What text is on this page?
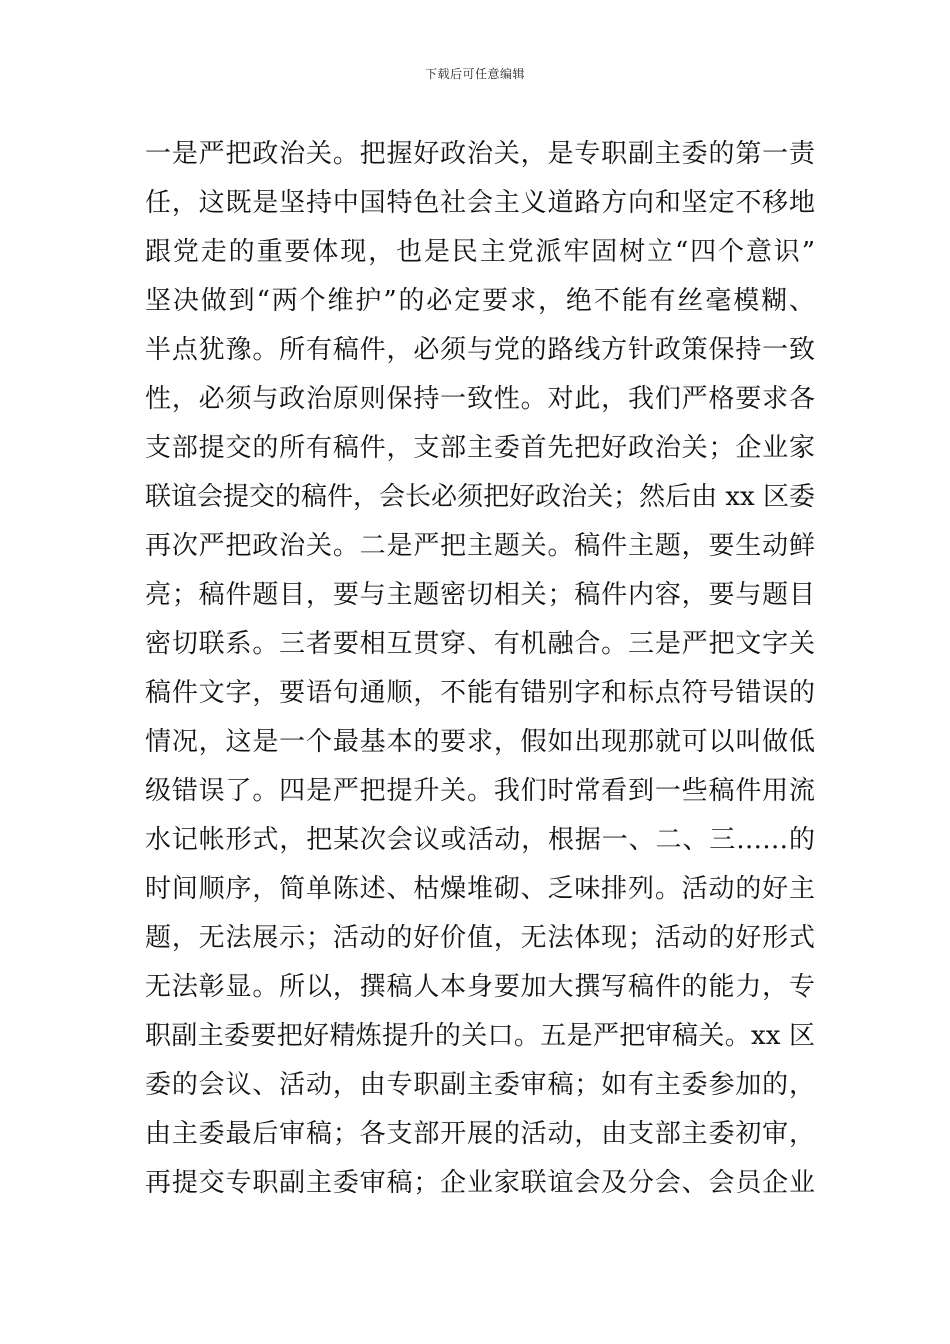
下载后可任意编辑
一是严把政治关。把握好政治关，是专职副主委的第一责
任，这既是坚持中国特色社会主义道路方向和坚定不移地
跟党走的重要体现，也是民主党派牢固树立“四个意识”
坚决做到“两个维护”的必定要求，绝不能有丝毫模糊、
半点犹豫。所有稿件，必须与党的路线方针政策保持一致
性，必须与政治原则保持一致性。对此，我们严格要求各
支部提交的所有稿件，支部主委首先把好政治关；企业家
联谊会提交的稿件，会长必须把好政治关；然后由 xx 区委
再次严把政治关。二是严把主题关。稿件主题，要生动鲜
亮；稿件题目，要与主题密切相关；稿件内容，要与题目
密切联系。三者要相互贯穿、有机融合。三是严把文字关
稿件文字，要语句通顺，不能有错别字和标点符号错误的
情况，这是一个最基本的要求，假如出现那就可以叫做低
级错误了。四是严把提升关。我们时常看到一些稿件用流
水记帐形式，把某次会议或活动，根据一、二、三……的
时间顺序，简单陈述、枯燥堆砌、乏味排列。活动的好主
题，无法展示；活动的好价值，无法体现；活动的好形式
无法彰显。所以，撰稿人本身要加大撰写稿件的能力，专
职副主委要把好精炼提升的关口。五是严把审稿关。xx 区
委的会议、活动，由专职副主委审稿；如有主委参加的，
由主委最后审稿；各支部开展的活动，由支部主委初审，
再提交专职副主委审稿；企业家联谊会及分会、会员企业
